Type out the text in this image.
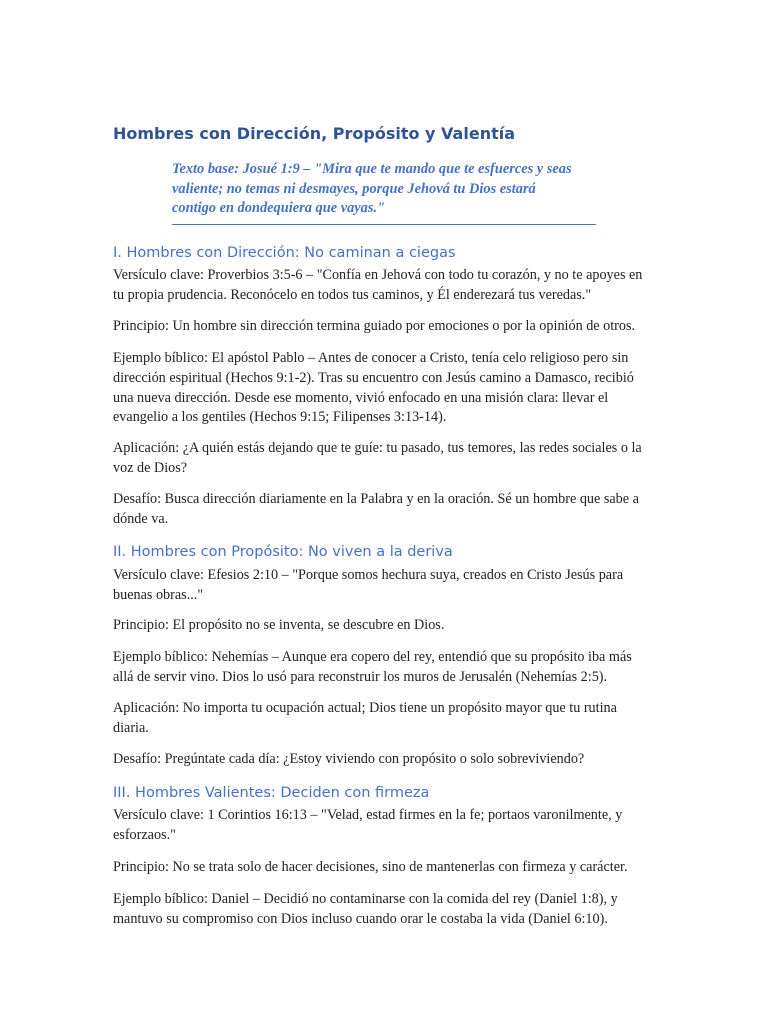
Hombres con Dirección, Propósito y Valentía
Texto base: Josué 1:9 – "Mira que te mando que te esfuerces y seas
valiente; no temas ni desmayes, porque Jehová tu Dios estará
contigo en dondequiera que vayas."
I. Hombres con Dirección: No caminan a ciegas

Versículo clave: Proverbios 3:5-6 – "Confía en Jehová con todo tu corazón, y no te apoyes en
tu propia prudencia. Reconócelo en todos tus caminos, y Él enderezará tus veredas."

Principio: Un hombre sin dirección termina guiado por emociones o por la opinión de otros.

Ejemplo bíblico: El apóstol Pablo – Antes de conocer a Cristo, tenía celo religioso pero sin
dirección espiritual (Hechos 9:1-2). Tras su encuentro con Jesús camino a Damasco, recibió
una nueva dirección. Desde ese momento, vivió enfocado en una misión clara: llevar el
evangelio a los gentiles (Hechos 9:15; Filipenses 3:13-14).

Aplicación: ¿A quién estás dejando que te guíe: tu pasado, tus temores, las redes sociales o la
voz de Dios?

Desafío: Busca dirección diariamente en la Palabra y en la oración. Sé un hombre que sabe a
dónde va.

II. Hombres con Propósito: No viven a la deriva

Versículo clave: Efesios 2:10 – "Porque somos hechura suya, creados en Cristo Jesús para
buenas obras..."

Principio: El propósito no se inventa, se descubre en Dios.

Ejemplo bíblico: Nehemías – Aunque era copero del rey, entendió que su propósito iba más
allá de servir vino. Dios lo usó para reconstruir los muros de Jerusalén (Nehemías 2:5).

Aplicación: No importa tu ocupación actual; Dios tiene un propósito mayor que tu rutina
diaria.

Desafío: Pregúntate cada día: ¿Estoy viviendo con propósito o solo sobreviviendo?

III. Hombres Valientes: Deciden con firmeza

Versículo clave: 1 Corintios 16:13 – "Velad, estad firmes en la fe; portaos varonilmente, y
esforzaos."

Principio: No se trata solo de hacer decisiones, sino de mantenerlas con firmeza y carácter.

Ejemplo bíblico: Daniel – Decidió no contaminarse con la comida del rey (Daniel 1:8), y
mantuvo su compromiso con Dios incluso cuando orar le costaba la vida (Daniel 6:10).
